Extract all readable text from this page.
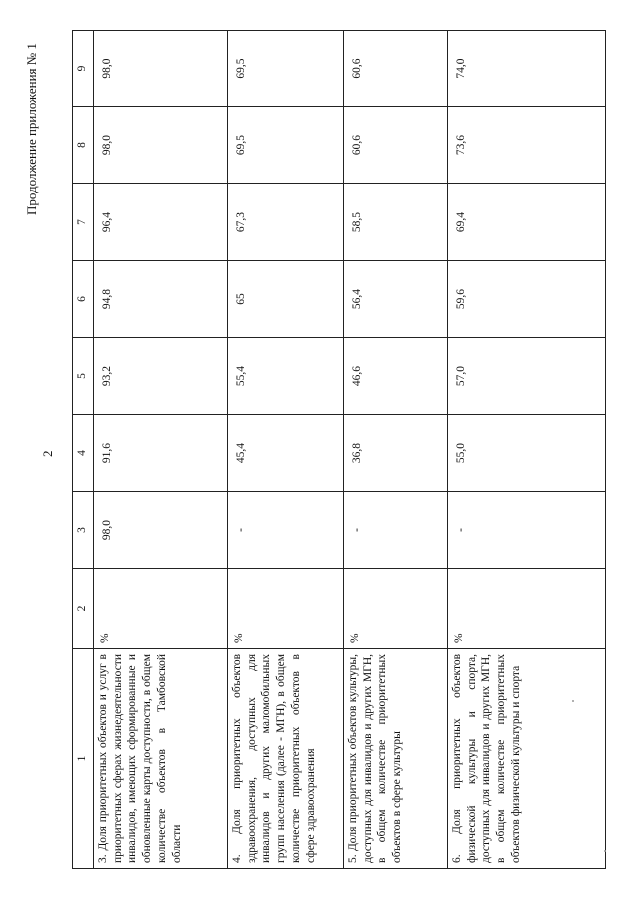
2
Продолжение приложения № 1
1	2	3	4	5	6	7	8	9
3. Доля приоритетных объектов и услуг в приоритетных сферах жизнедеятельности инвалидов, имеющих сформированные и обновленные карты доступности, в общем количестве объектов в Тамбовской области	%	98,0	91,6	93,2	94,8	96,4	98,0	98,0
4. Доля приоритетных объектов здравоохранения, доступных для инвалидов и других маломобильных групп населения (далее - МГН), в общем количестве приоритетных объектов в сфере здравоохранения	%	-	45,4	55,4	65	67,3	69,5	69,5
5. Доля приоритетных объектов культуры, доступных для инвалидов и других МГН, в общем количестве приоритетных объектов в сфере культуры	%	-	36,8	46,6	56,4	58,5	60,6	60,6
6. Доля приоритетных объектов физической культуры и спорта, доступных для инвалидов и других МГН, в общем количестве приоритетных объектов физической культуры и спорта	%	-	55,0	57,0	59,6	69,4	73,6	74,0
